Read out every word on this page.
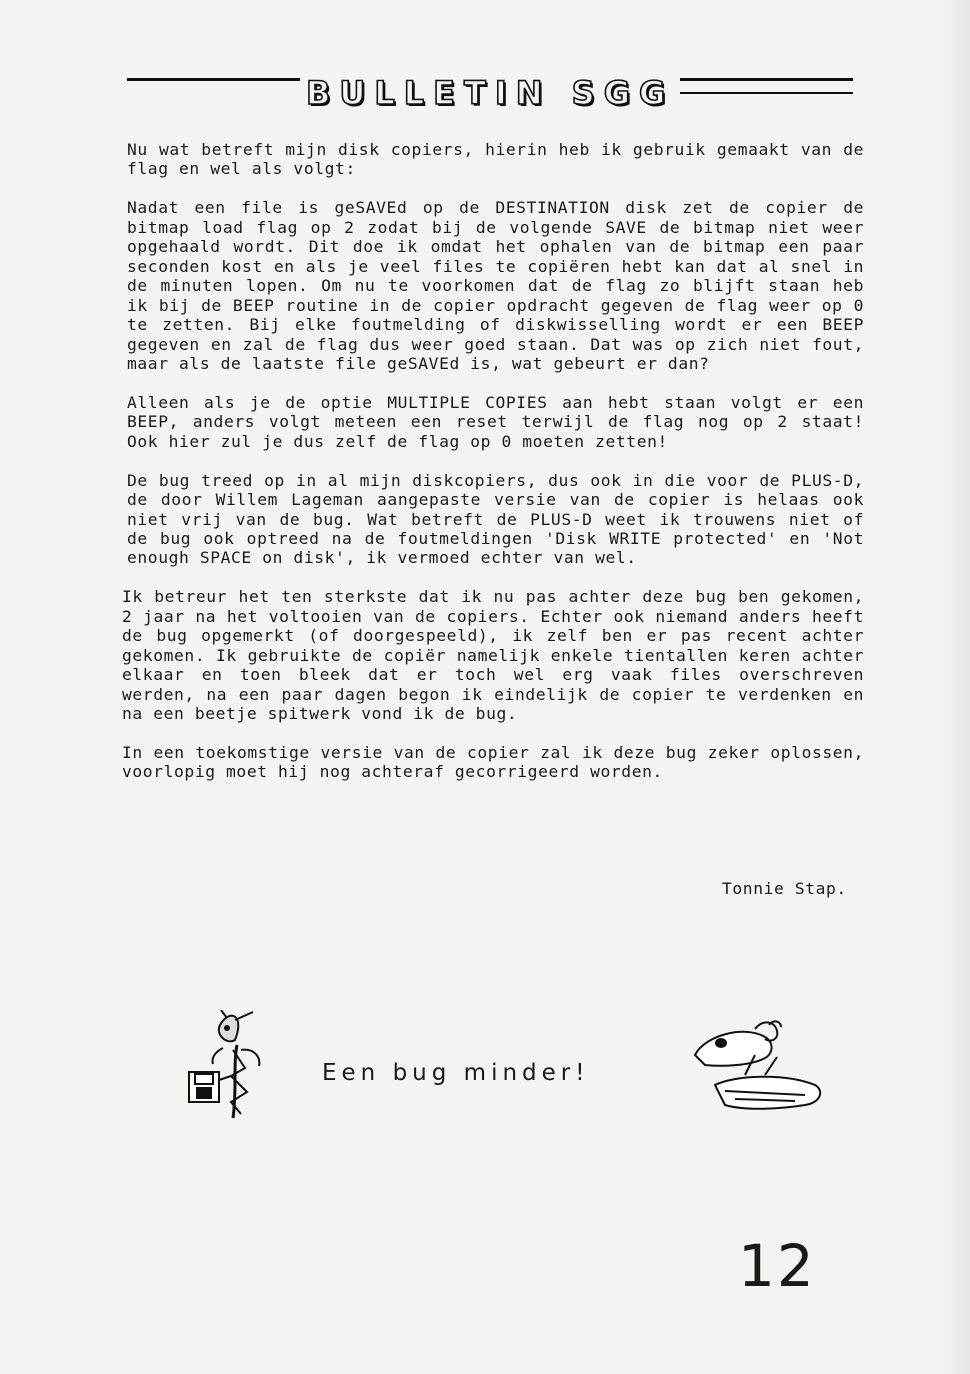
BULLETIN SGG

Nu wat betreft mijn disk copiers, hierin heb ik gebruik gemaakt van de flag en wel als volgt:

Nadat een file is geSAVEd op de DESTINATION disk zet de copier de bitmap load flag op 2 zodat bij de volgende SAVE de bitmap niet weer opgehaald wordt. Dit doe ik omdat het ophalen van de bitmap een paar seconden kost en als je veel files te copiëren hebt kan dat al snel in de minuten lopen. Om nu te voorkomen dat de flag zo blijft staan heb ik bij de BEEP routine in de copier opdracht gegeven de flag weer op 0 te zetten. Bij elke foutmelding of diskwisselling wordt er een BEEP gegeven en zal de flag dus weer goed staan. Dat was op zich niet fout, maar als de laatste file geSAVEd is, wat gebeurt er dan?

Alleen als je de optie MULTIPLE COPIES aan hebt staan volgt er een BEEP, anders volgt meteen een reset terwijl de flag nog op 2 staat! Ook hier zul je dus zelf de flag op 0 moeten zetten!

De bug treed op in al mijn diskcopiers, dus ook in die voor de PLUS-D, de door Willem Lageman aangepaste versie van de copier is helaas ook niet vrij van de bug. Wat betreft de PLUS-D weet ik trouwens niet of de bug ook optreed na de foutmeldingen 'Disk WRITE protected' en 'Not enough SPACE on disk', ik vermoed echter van wel.

Ik betreur het ten sterkste dat ik nu pas achter deze bug ben gekomen, 2 jaar na het voltooien van de copiers. Echter ook niemand anders heeft de bug opgemerkt (of doorgespeeld), ik zelf ben er pas recent achter gekomen. Ik gebruikte de copiër namelijk enkele tientallen keren achter elkaar en toen bleek dat er toch wel erg vaak files overschreven werden, na een paar dagen begon ik eindelijk de copier te verdenken en na een beetje spitwerk vond ik de bug.

In een toekomstige versie van de copier zal ik deze bug zeker oplossen, voorlopig moet hij nog achteraf gecorrigeerd worden.

Tonnie Stap.
Een bug minder!
12
